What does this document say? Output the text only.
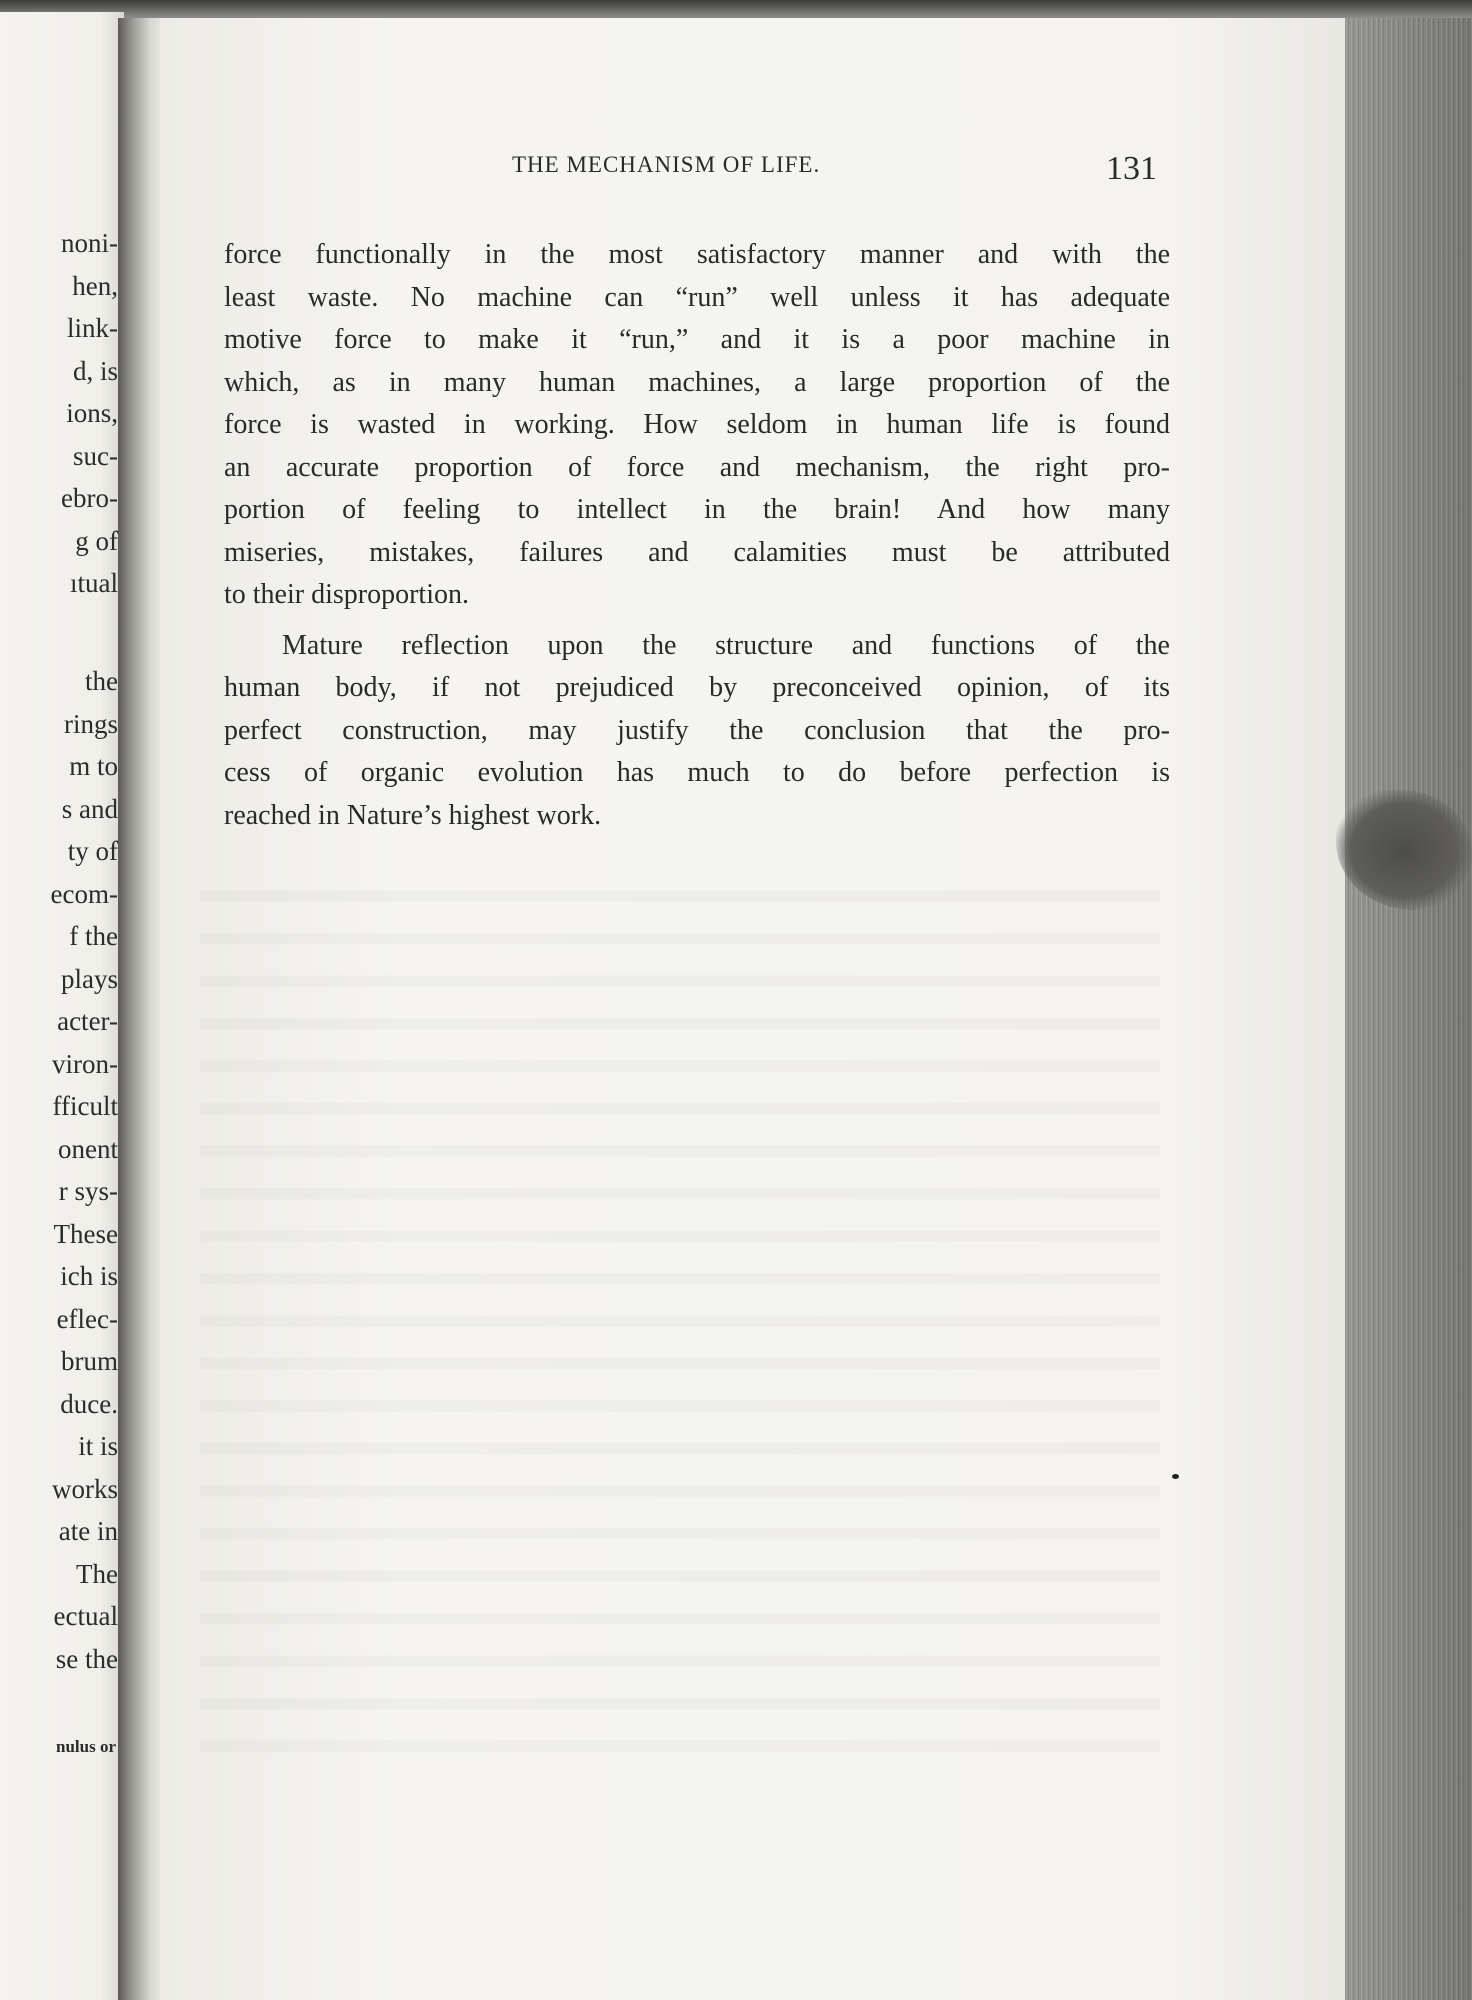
noni-
hen,
link-
d, is
ions,
suc-
ebro-
g of
ıtual
the
rings
m to
s and
ty of
ecom-
f the
plays
acter-
viron-
fficult
onent
r sys-
These
ich is
eflec-
brum
duce.
it is
works
ate in
The
ectual
se the
nulus or
THE MECHANISM OF LIFE.	131
force functionally in the most satisfactory manner and with the
least waste. No machine can “run” well unless it has adequate
motive force to make it “run,” and it is a poor machine in
which, as in many human machines, a large proportion of the
force is wasted in working. How seldom in human life is found
an accurate proportion of force and mechanism, the right pro-
portion of feeling to intellect in the brain! And how many
miseries, mistakes, failures and calamities must be attributed
to their disproportion.
Mature reflection upon the structure and functions of the
human body, if not prejudiced by preconceived opinion, of its
perfect construction, may justify the conclusion that the pro-
cess of organic evolution has much to do before perfection is
reached in Nature’s highest work.
